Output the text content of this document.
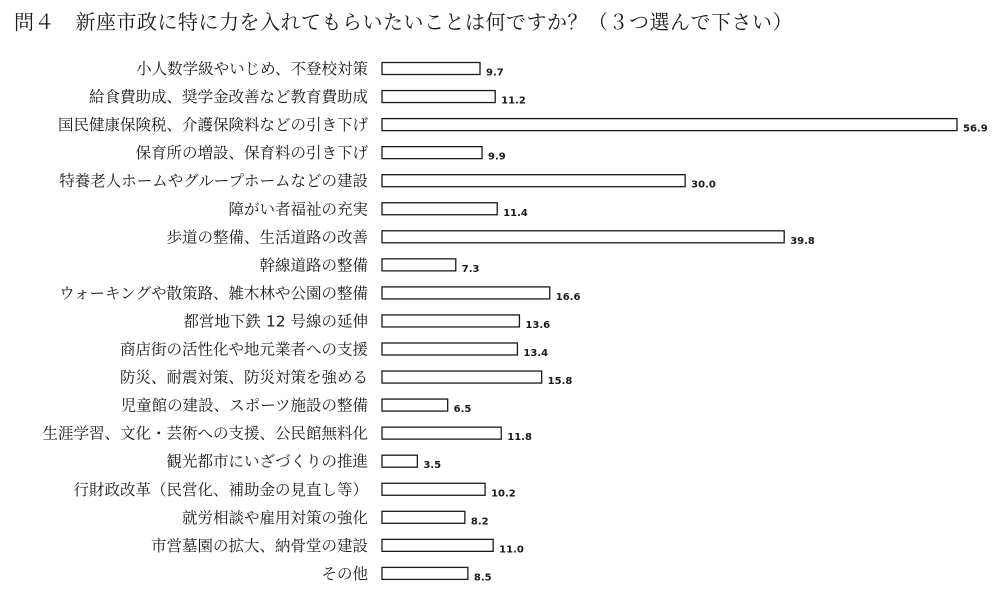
問４　新座市政に特に力を入れてもらいたいことは何ですか？（３つ選んで下さい）
小人数学級やいじめ、不登校対策
給食費助成、奨学金改善など教育費助成
国民健康保険税、介護保険料などの引き下げ
保育所の増設、保育料の引き下げ
特養老人ホームやグループホームなどの建設
障がい者福祉の充実
歩道の整備、生活道路の改善
幹線道路の整備
ウォーキングや散策路、雑木林や公園の整備
都営地下鉄 12 号線の延伸
商店街の活性化や地元業者への支援
防災、耐震対策、防災対策を強める
児童館の建設、スポーツ施設の整備
生涯学習、文化・芸術への支援、公民館無料化
観光都市にいざづくりの推進
行財政改革（民営化、補助金の見直し等）
就労相談や雇用対策の強化
市営墓園の拡大、納骨堂の建設
その他
9.7
11.2
56.9
9.9
30.0
11.4
39.8
7.3
16.6
13.6
13.4
15.8
6.5
11.8
3.5
10.2
8.2
11.0
8.5
